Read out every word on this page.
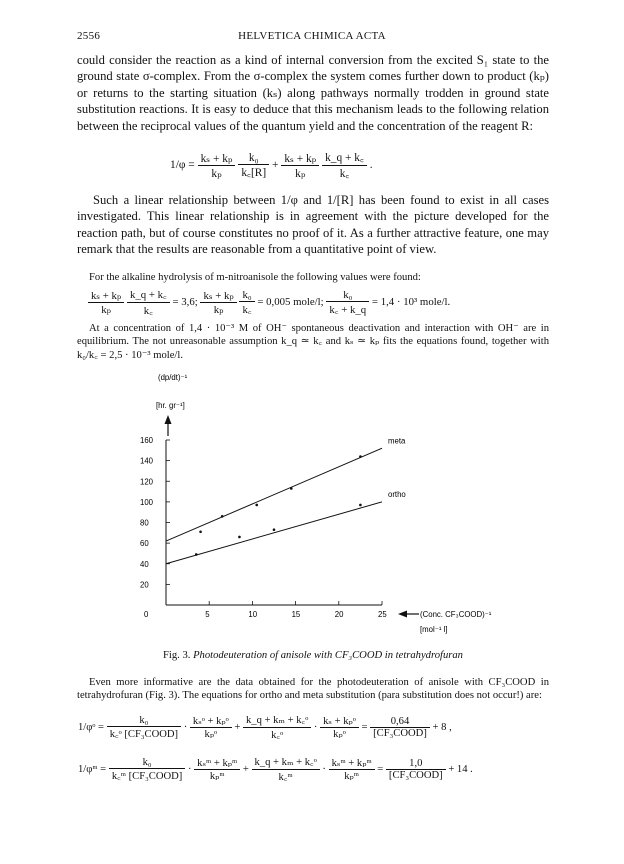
2556	HELVETICA CHIMICA ACTA

could consider the reaction as a kind of internal conversion from the excited S₁ state to the ground state σ-complex. From the σ-complex the system comes further down to product (kₚ) or returns to the starting situation (kₛ) along pathways normally trodden in ground state substitution reactions. It is easy to deduce that this mechanism leads to the following relation between the reciprocal values of the quantum yield and the concentration of the reagent R:

$1/\varphi = \frac{\text{kₛ + kₚ}}{\text{kₚ}}$
$\frac{\text{k₀}}{k꜀[R]} + \frac{\text{kₛ + kₚ}}{\text{kₚ}}$
$\frac{k\_q + k꜀}{k꜀}$ .

Such a linear relationship between 1/φ and 1/[R] has been found to exist in all cases investigated. This linear relationship is in agreement with the picture developed for the reaction path, but of course constitutes no proof of it. As a further attractive feature, one may remark that the results are reasonable from a quantitative point of view.

For the alkaline hydrolysis of m-nitroanisole the following values were found:

$\frac{\text{kₛ + kₚ}}{\text{kₚ}}$
$\frac{k\_q + k꜀}{k꜀} = 3,6$; $\frac{\text{kₛ + kₚ}}{\text{kₚ}}$
$\frac{\text{k₀}}{k꜀} = 0,005$ mole/l; $\frac{\text{k₀}}{k꜀ + k\_q} = 1,4 \cdot 10^3$ mole/l.

At a concentration of 1,4 · 10⁻³ M of OH⁻ spontaneous deactivation and interaction with OH⁻ are in equilibrium. The not unreasonable assumption k_q ≃ k꜀ and kₛ ≃ kₚ fits the equations found, together with k₀/k꜀ = 2,5 · 10⁻³ mole/l.

(dp/dt)⁻¹
[hr. gr⁻¹]
20
40
60
80
100
120
140
160
0	5	10	15	20	25
meta
ortho
(Conc. CF₃COOD)⁻¹
[mol⁻¹ l]
Fig. 3. Photodeuteration of anisole with CF₃COOD in tetrahydrofuran

Even more informative are the data obtained for the photodeuteration of anisole with CF₃COOD in tetrahydrofuran (Fig. 3). The equations for ortho and meta substitution (para substitution does not occur!) are:

1/φᵒ = $\frac{\text{k₀}}{\text{k꜀ᵒ [CF₃COOD]}} \cdot \frac{\text{kₛᵒ + kₚᵒ}}{\text{kₚᵒ}} + \frac{\text{k\_q + kₘ + k꜀ᵒ}}{\text{k꜀ᵒ}} \cdot \frac{\text{kₛ + kₚᵒ}}{\text{kₚᵒ}} = \frac{0,64}{\text{[CF₃COOD]}} + 8$ ,
1/φᵐ = $\frac{\text{k₀}}{\text{k꜀ᵐ [CF₃COOD]}} \cdot \frac{\text{kₛᵐ + kₚᵐ}}{\text{kₚᵐ}} + \frac{\text{k\_q + kₘ + k꜀ᵒ}}{\text{k꜀ᵐ}} \cdot \frac{\text{kₛᵐ + kₚᵐ}}{\text{kₚᵐ}} = \frac{1,0}{\text{[CF₃COOD]}} + 14$ .
